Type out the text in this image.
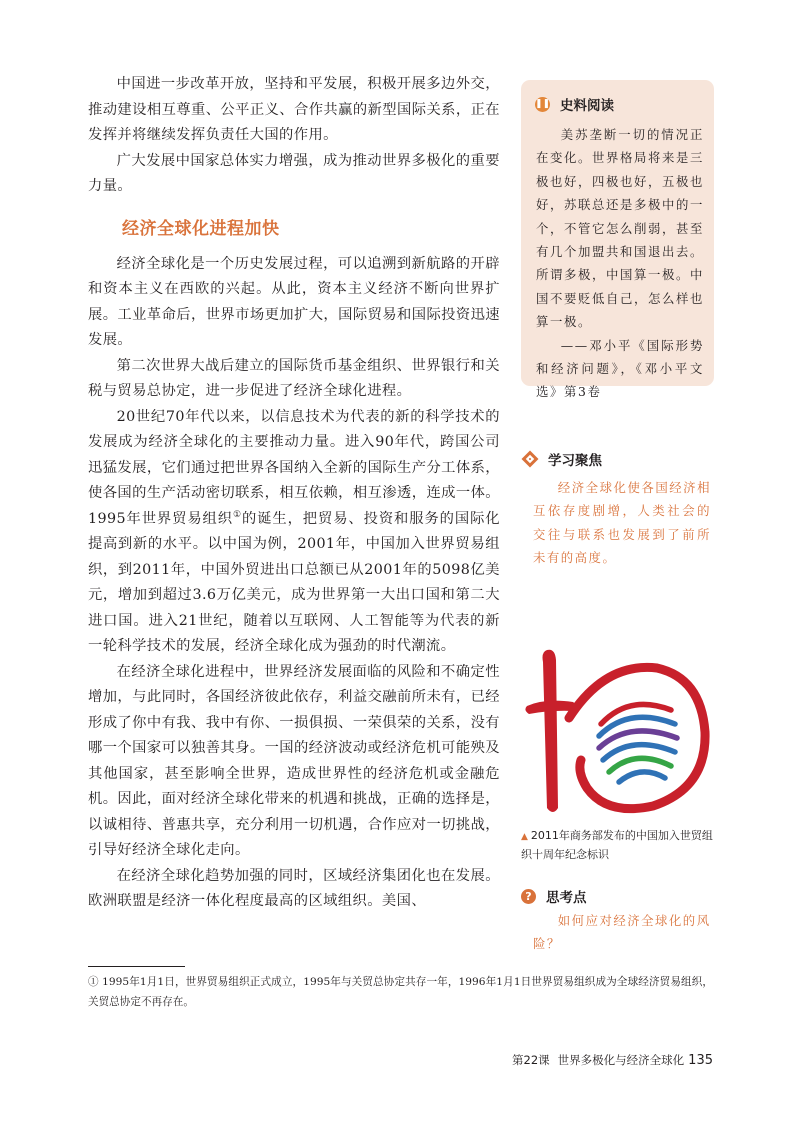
中国进一步改革开放，坚持和平发展，积极开展多边外交，推动建设相互尊重、公平正义、合作共赢的新型国际关系，正在发挥并将继续发挥负责任大国的作用。

广大发展中国家总体实力增强，成为推动世界多极化的重要力量。

经济全球化进程加快

经济全球化是一个历史发展过程，可以追溯到新航路的开辟和资本主义在西欧的兴起。从此，资本主义经济不断向世界扩展。工业革命后，世界市场更加扩大，国际贸易和国际投资迅速发展。

第二次世界大战后建立的国际货币基金组织、世界银行和关税与贸易总协定，进一步促进了经济全球化进程。

20世纪70年代以来，以信息技术为代表的新的科学技术的发展成为经济全球化的主要推动力量。进入90年代，跨国公司迅猛发展，它们通过把世界各国纳入全新的国际生产分工体系，使各国的生产活动密切联系，相互依赖，相互渗透，连成一体。1995年世界贸易组织①的诞生，把贸易、投资和服务的国际化提高到新的水平。以中国为例，2001年，中国加入世界贸易组织，到2011年，中国外贸进出口总额已从2001年的5098亿美元，增加到超过3.6万亿美元，成为世界第一大出口国和第二大进口国。进入21世纪，随着以互联网、人工智能等为代表的新一轮科学技术的发展，经济全球化成为强劲的时代潮流。

在经济全球化进程中，世界经济发展面临的风险和不确定性增加，与此同时，各国经济彼此依存，利益交融前所未有，已经形成了你中有我、我中有你、一损俱损、一荣俱荣的关系，没有哪一个国家可以独善其身。一国的经济波动或经济危机可能殃及其他国家，甚至影响全世界，造成世界性的经济危机或金融危机。因此，面对经济全球化带来的机遇和挑战，正确的选择是，以诚相待、普惠共享，充分利用一切机遇，合作应对一切挑战，引导好经济全球化走向。

在经济全球化趋势加强的同时，区域经济集团化也在发展。欧洲联盟是经济一体化程度最高的区域组织。美国、

❚❚ 史料阅读
美苏垄断一切的情况正在变化。世界格局将来是三极也好，四极也好，五极也好，苏联总还是多极中的一个，不管它怎么削弱，甚至有几个加盟共和国退出去。所谓多极，中国算一极。中国不要贬低自己，怎么样也算一极。
——邓小平《国际形势和经济问题》，《邓小平文选》第3卷
学习聚焦
经济全球化使各国经济相互依存度剧增，人类社会的交往与联系也发展到了前所未有的高度。
▲ 2011年商务部发布的中国加入世贸组织十周年纪念标识
?	思考点
如何应对经济全球化的风险？
① 1995年1月1日，世界贸易组织正式成立，1995年与关贸总协定共存一年，1996年1月1日世界贸易组织成为全球经济贸易组织，关贸总协定不再存在。
第22课 世界多极化与经济全球化 135
